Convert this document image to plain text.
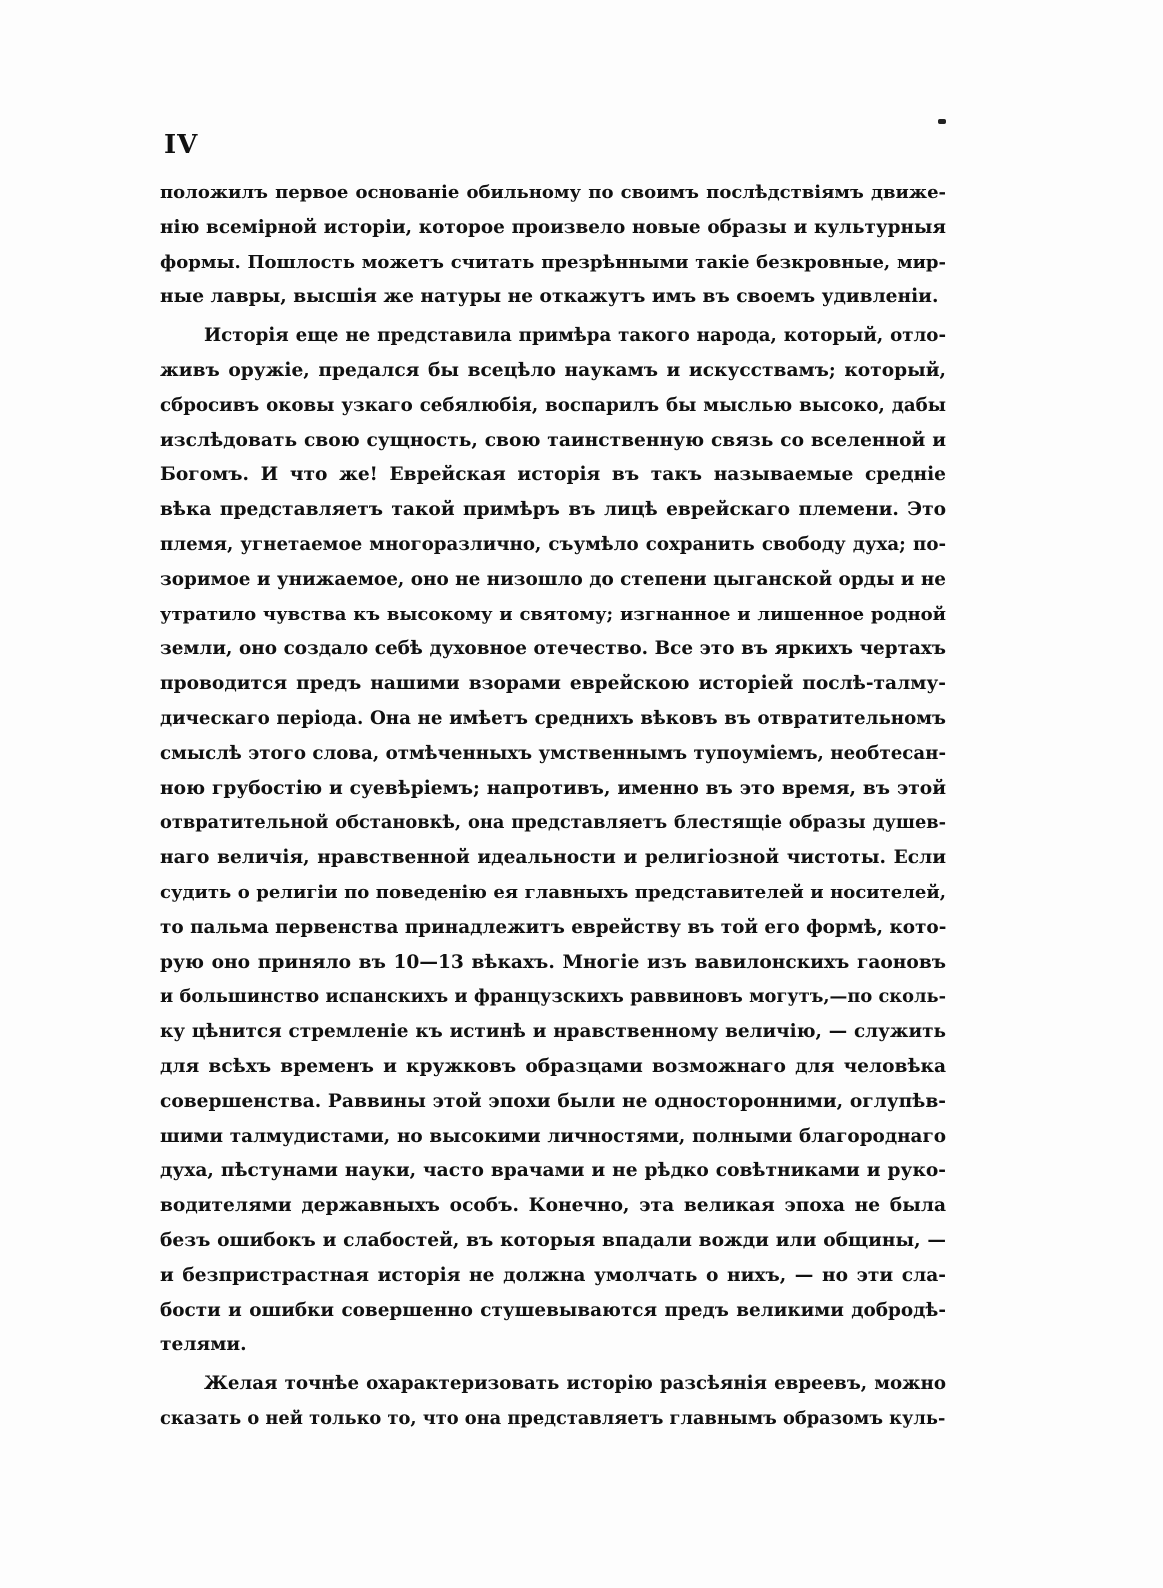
IV
положилъ первое основаніе обильному по своимъ послѣдствіямъ движе-
нію всемірной исторіи, которое произвело новые образы и культурныя
формы. Пошлость можетъ считать презрѣнными такіе безкровные, мир-
ные лавры, высшія же натуры не откажутъ имъ въ своемъ удивленіи.
Исторія еще не представила примѣра такого народа, который, отло-
живъ оружіе, предался бы всецѣло наукамъ и искусствамъ; который,
сбросивъ оковы узкаго себялюбія, воспарилъ бы мыслью высоко, дабы
изслѣдовать свою сущность, свою таинственную связь со вселенной и
Богомъ. И что же! Еврейская исторія въ такъ называемые средніе
вѣка представляетъ такой примѣръ въ лицѣ еврейскаго племени. Это
племя, угнетаемое многоразлично, съумѣло сохранить свободу духа; по-
зоримое и унижаемое, оно не низошло до степени цыганской орды и не
утратило чувства къ высокому и святому; изгнанное и лишенное родной
земли, оно создало себѣ духовное отечество. Все это въ яркихъ чертахъ
проводится предъ нашими взорами еврейскою исторіей послѣ-талму-
дическаго періода. Она не имѣетъ среднихъ вѣковъ въ отвратительномъ
смыслѣ этого слова, отмѣченныхъ умственнымъ тупоуміемъ, необтесан-
ною грубостію и суевѣріемъ; напротивъ, именно въ это время, въ этой
отвратительной обстановкѣ, она представляетъ блестящіе образы душев-
наго величія, нравственной идеальности и религіозной чистоты. Если
судить о религіи по поведенію ея главныхъ представителей и носителей,
то пальма первенства принадлежитъ еврейству въ той его формѣ, кото-
рую оно приняло въ 10—13 вѣкахъ. Многіе изъ вавилонскихъ гаоновъ
и большинство испанскихъ и французскихъ раввиновъ могутъ,—по сколь-
ку цѣнится стремленіе къ истинѣ и нравственному величію, — служить
для всѣхъ временъ и кружковъ образцами возможнаго для человѣка
совершенства. Раввины этой эпохи были не односторонними, оглупѣв-
шими талмудистами, но высокими личностями, полными благороднаго
духа, пѣстунами науки, часто врачами и не рѣдко совѣтниками и руко-
водителями державныхъ особъ. Конечно, эта великая эпоха не была
безъ ошибокъ и слабостей, въ которыя впадали вожди или общины, —
и безпристрастная исторія не должна умолчать о нихъ, — но эти сла-
бости и ошибки совершенно стушевываются предъ великими добродѣ-
телями.
Желая точнѣе охарактеризовать исторію разсѣянія евреевъ, можно
сказать о ней только то, что она представляетъ главнымъ образомъ куль-
